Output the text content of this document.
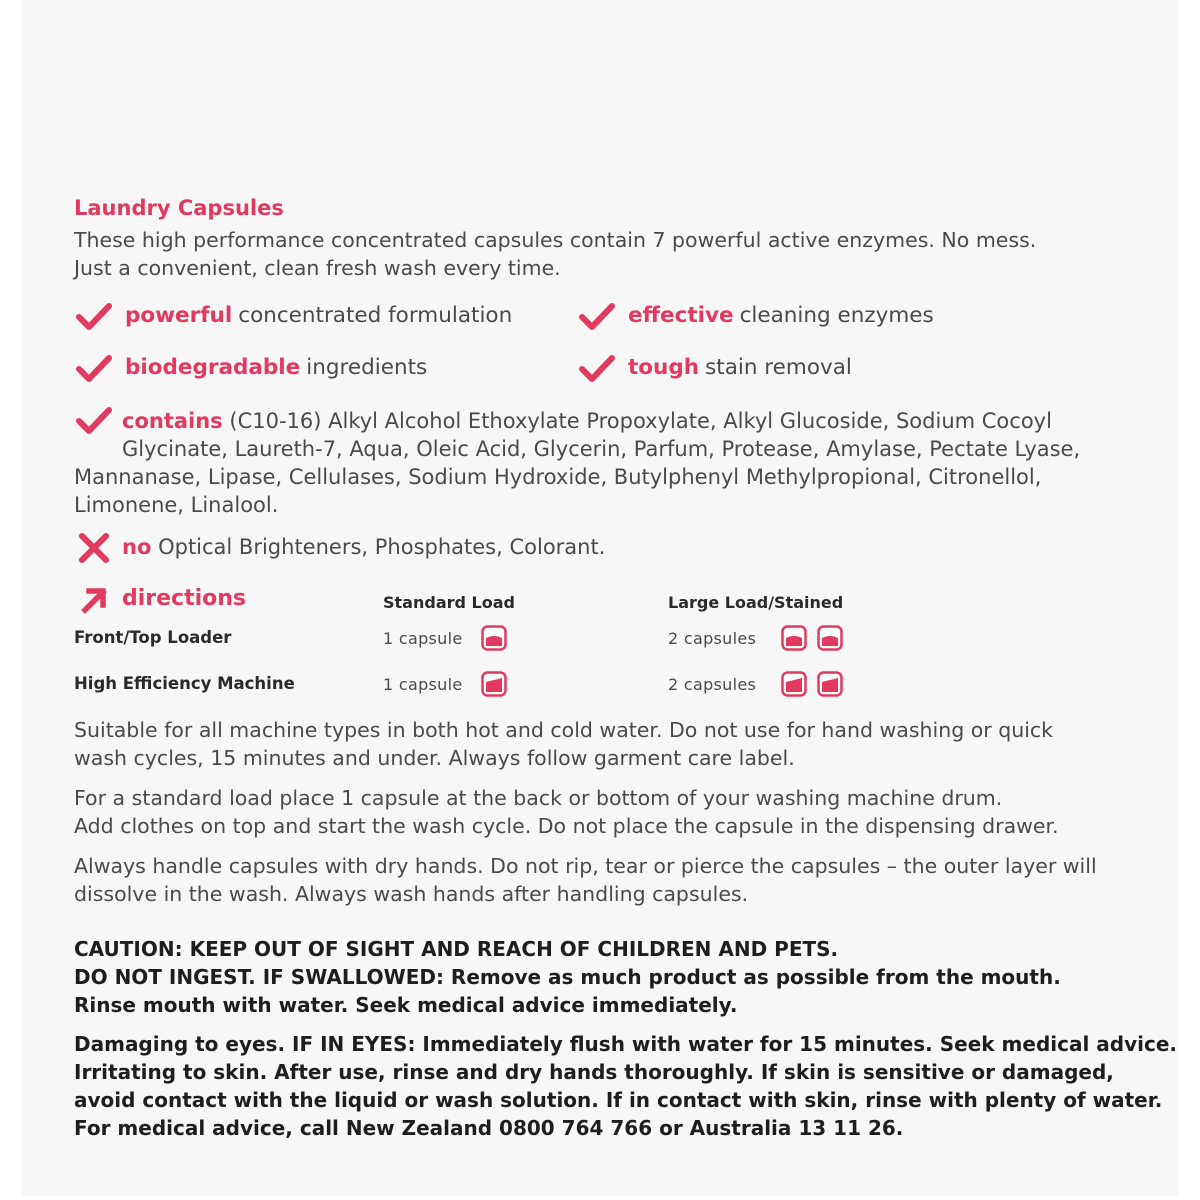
Laundry Capsules
These high performance concentrated capsules contain 7 powerful active enzymes. No mess.
Just a convenient, clean fresh wash every time.
powerful concentrated formulation	effective cleaning enzymes
biodegradable ingredients	tough stain removal
contains (C10-16) Alkyl Alcohol Ethoxylate Propoxylate, Alkyl Glucoside, Sodium Cocoyl
Glycinate, Laureth-7, Aqua, Oleic Acid, Glycerin, Parfum, Protease, Amylase, Pectate Lyase,
Mannanase, Lipase, Cellulases, Sodium Hydroxide, Butylphenyl Methylpropional, Citronellol,
Limonene, Linalool.
no Optical Brighteners, Phosphates, Colorant.
directions	Standard Load	Large Load/Stained
Front/Top Loader	1 capsule	2 capsules
High Efficiency Machine	1 capsule	2 capsules
Suitable for all machine types in both hot and cold water. Do not use for hand washing or quick
wash cycles, 15 minutes and under. Always follow garment care label.
For a standard load place 1 capsule at the back or bottom of your washing machine drum.
Add clothes on top and start the wash cycle. Do not place the capsule in the dispensing drawer.
Always handle capsules with dry hands. Do not rip, tear or pierce the capsules – the outer layer will
dissolve in the wash. Always wash hands after handling capsules.
CAUTION: KEEP OUT OF SIGHT AND REACH OF CHILDREN AND PETS.
DO NOT INGEST. IF SWALLOWED: Remove as much product as possible from the mouth.
Rinse mouth with water. Seek medical advice immediately.
Damaging to eyes. IF IN EYES: Immediately flush with water for 15 minutes. Seek medical advice.
Irritating to skin. After use, rinse and dry hands thoroughly. If skin is sensitive or damaged,
avoid contact with the liquid or wash solution. If in contact with skin, rinse with plenty of water.
For medical advice, call New Zealand 0800 764 766 or Australia 13 11 26.
